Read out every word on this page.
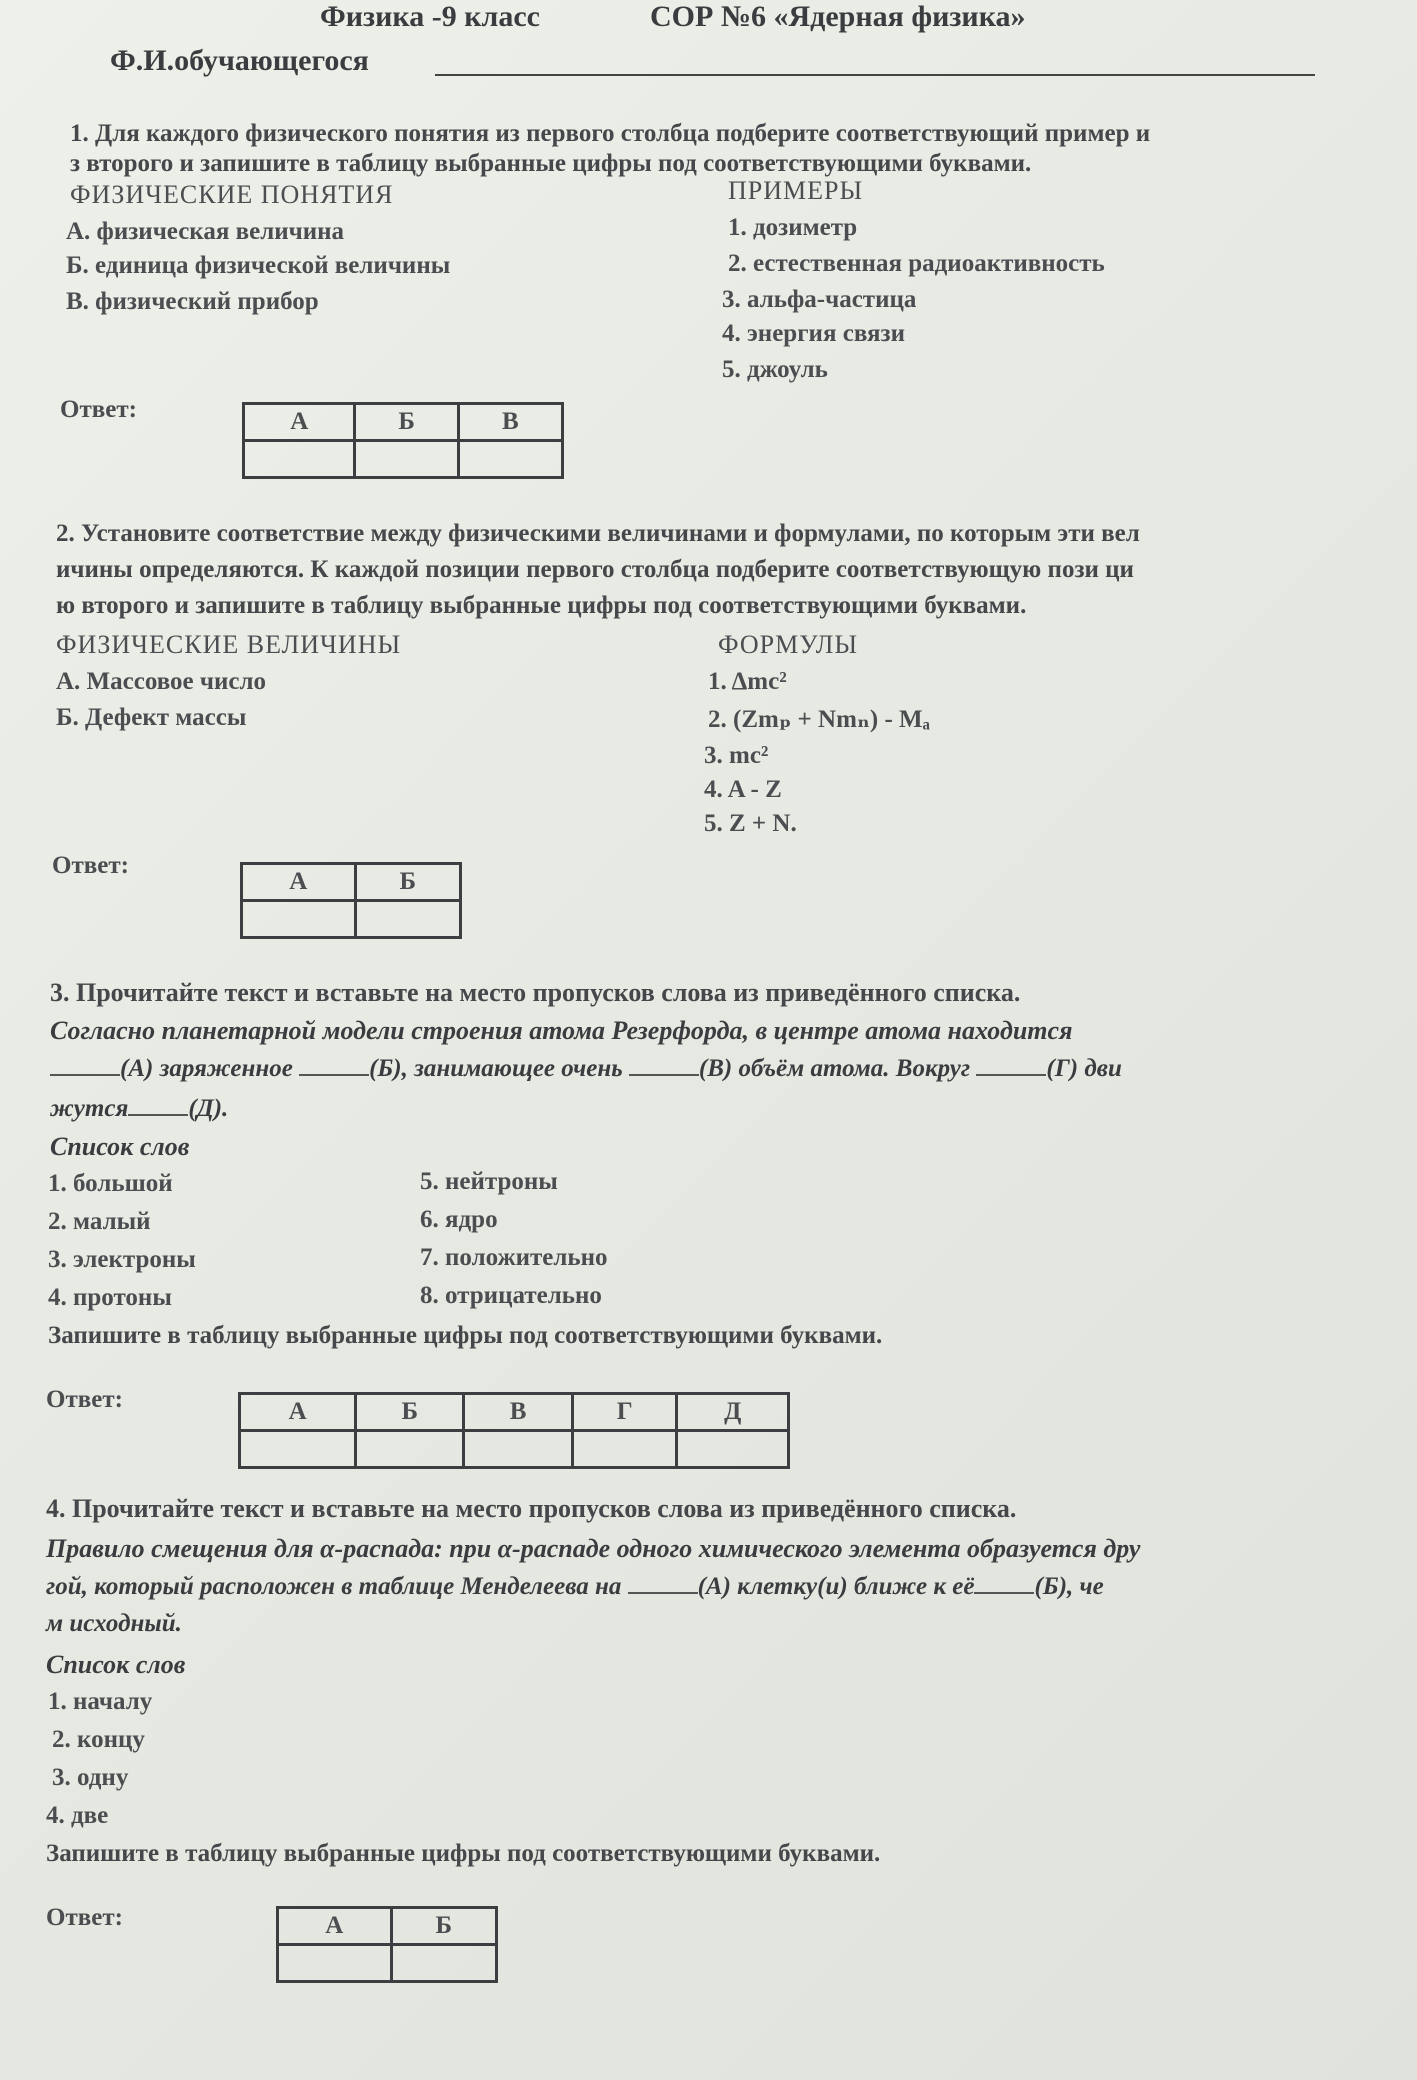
Физика -9 класс	СОР №6 «Ядерная физика»
Ф.И.обучающегося
1. Для каждого физического понятия из первого столбца подберите соответствующий пример и
з второго и запишите в таблицу выбранные цифры под соответствующими буквами.
ФИЗИЧЕСКИЕ ПОНЯТИЯ	ПРИМЕРЫ
А. физическая величина
Б. единица физической величины
В. физический прибор
1. дозиметр
2. естественная радиоактивность
3. альфа-частица
4. энергия связи
5. джоуль
Ответ:	А	Б	В

2. Установите соответствие между физическими величинами и формулами, по которым эти вел
ичины определяются. К каждой позиции первого столбца подберите соответствующую пози ци
ю второго и запишите в таблицу выбранные цифры под соответствующими буквами.
ФИЗИЧЕСКИЕ ВЕЛИЧИНЫ	ФОРМУЛЫ
А. Массовое число
Б. Дефект массы
1. Δmc²
2. (Zmₚ + Nmₙ) - Mₐ
3. mc²
4. A - Z
5. Z + N.
Ответ:
А	Б

3. Прочитайте текст и вставьте на место пропусков слова из приведённого списка.
Согласно планетарной модели строения атома Резерфорда, в центре атома находится
(А) заряженное	(Б), занимающее очень	(В) объём атома. Вокруг	(Г) дви
жутся (Д).
Список слов
1. большой
2. малый
3. электроны
4. протоны
5. нейтроны
6. ядро
7. положительно
8. отрицательно
Запишите в таблицу выбранные цифры под соответствующими буквами.
Ответ:	А	Б	В	Г	Д

4. Прочитайте текст и вставьте на место пропусков слова из приведённого списка.
Правило смещения для α-распада: при α-распаде одного химического элемента образуется дру
гой, который расположен в таблице Менделеева на	(А) клетку(и) ближе к её (Б), че
м исходный.
Список слов
1. началу
2. концу
3. одну
4. две
Запишите в таблицу выбранные цифры под соответствующими буквами.
Ответ:	А	Б
